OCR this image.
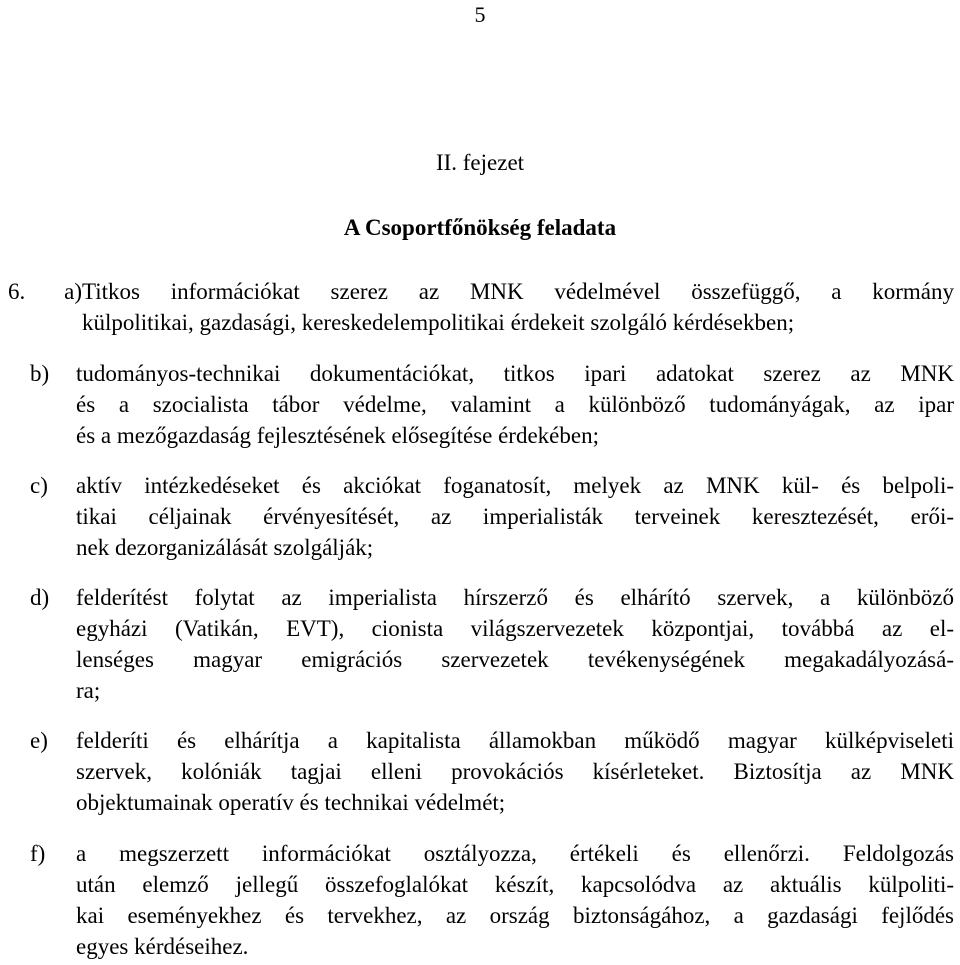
5
II. fejezet
A Csoportfőnökség feladata
6. a)Titkos információkat szerez az MNK védelmével összefüggő, a kormány
külpolitikai, gazdasági, kereskedelempolitikai érdekeit szolgáló kérdésekben;
b) tudományos-technikai dokumentációkat, titkos ipari adatokat szerez az MNK
és a szocialista tábor védelme, valamint a különböző tudományágak, az ipar
és a mezőgazdaság fejlesztésének elősegítése érdekében;
c) aktív intézkedéseket és akciókat foganatosít, melyek az MNK kül- és belpoli-
tikai céljainak érvényesítését, az imperialisták terveinek keresztezését, erői-
nek dezorganizálását szolgálják;
d) felderítést folytat az imperialista hírszerző és elhárító szervek, a különböző
egyházi (Vatikán, EVT), cionista világszervezetek központjai, továbbá az el-
lenséges magyar emigrációs szervezetek tevékenységének megakadályozásá-
ra;
e) felderíti és elhárítja a kapitalista államokban működő magyar külképviseleti
szervek, kolóniák tagjai elleni provokációs kísérleteket. Biztosítja az MNK
objektumainak operatív és technikai védelmét;
f) a megszerzett információkat osztályozza, értékeli és ellenőrzi. Feldolgozás
után elemző jellegű összefoglalókat készít, kapcsolódva az aktuális külpoliti-
kai eseményekhez és tervekhez, az ország biztonságához, a gazdasági fejlődés
egyes kérdéseihez.
